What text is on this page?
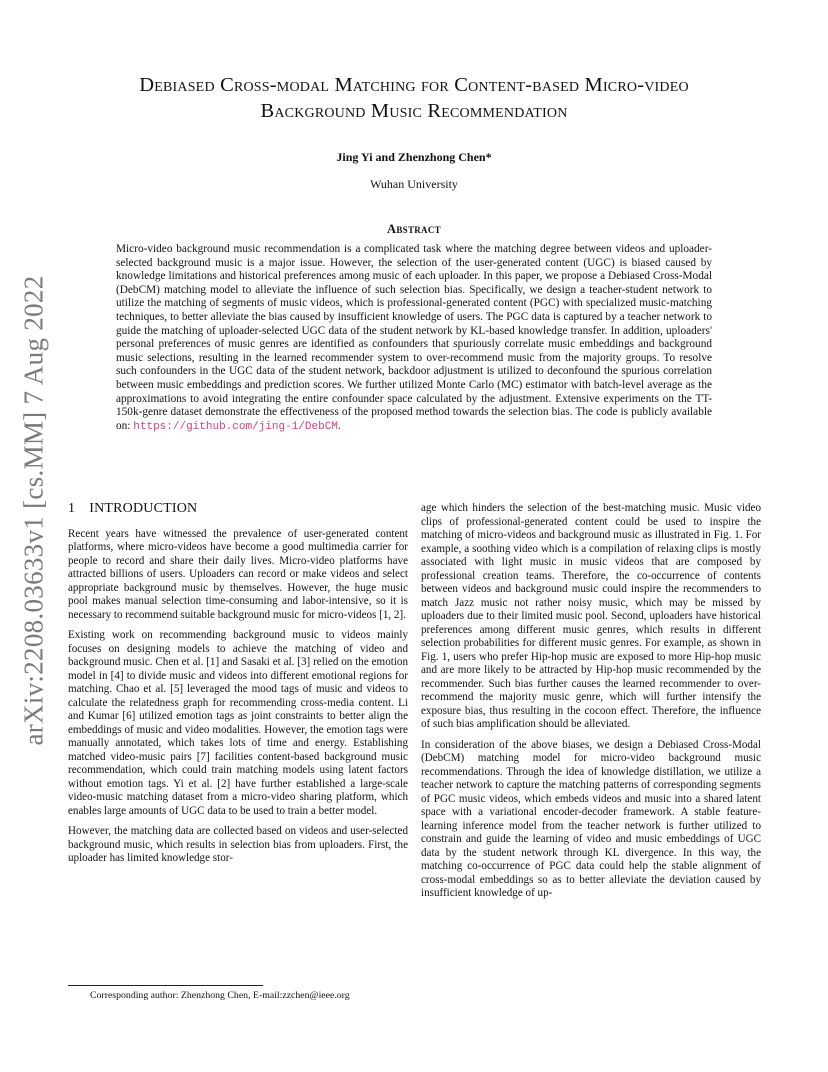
arXiv:2208.03633v1 [cs.MM] 7 Aug 2022
Debiased Cross-modal Matching for Content-based Micro-video
Background Music Recommendation
Jing Yi and Zhenzhong Chen*
Wuhan University
Abstract

Micro-video background music recommendation is a complicated task where the matching degree between videos and uploader-selected background music is a major issue. However, the selection of the user-generated content (UGC) is biased caused by knowledge limitations and historical preferences among music of each uploader. In this paper, we propose a Debiased Cross-Modal (DebCM) matching model to alleviate the influence of such selection bias. Specifically, we design a teacher-student network to utilize the matching of segments of music videos, which is professional-generated content (PGC) with specialized music-matching techniques, to better alleviate the bias caused by insufficient knowledge of users. The PGC data is captured by a teacher network to guide the matching of uploader-selected UGC data of the student network by KL-based knowledge transfer. In addition, uploaders' personal preferences of music genres are identified as confounders that spuriously correlate music embeddings and background music selections, resulting in the learned recommender system to over-recommend music from the majority groups. To resolve such confounders in the UGC data of the student network, backdoor adjustment is utilized to deconfound the spurious correlation between music embeddings and prediction scores. We further utilized Monte Carlo (MC) estimator with batch-level average as the approximations to avoid integrating the entire confounder space calculated by the adjustment. Extensive experiments on the TT-150k-genre dataset demonstrate the effectiveness of the proposed method towards the selection bias. The code is publicly available on: https://github.com/jing-1/DebCM.

1 INTRODUCTION

Recent years have witnessed the prevalence of user-generated content platforms, where micro-videos have become a good multimedia carrier for people to record and share their daily lives. Micro-video platforms have attracted billions of users. Uploaders can record or make videos and select appropriate background music by themselves. However, the huge music pool makes manual selection time-consuming and labor-intensive, so it is necessary to recommend suitable background music for micro-videos [1, 2].

Existing work on recommending background music to videos mainly focuses on designing models to achieve the matching of video and background music. Chen et al. [1] and Sasaki et al. [3] relied on the emotion model in [4] to divide music and videos into different emotional regions for matching. Chao et al. [5] leveraged the mood tags of music and videos to calculate the relatedness graph for recommending cross-media content. Li and Kumar [6] utilized emotion tags as joint constraints to better align the embeddings of music and video modalities. However, the emotion tags were manually annotated, which takes lots of time and energy. Establishing matched video-music pairs [7] facilities content-based background music recommendation, which could train matching models using latent factors without emotion tags. Yi et al. [2] have further established a large-scale video-music matching dataset from a micro-video sharing platform, which enables large amounts of UGC data to be used to train a better model.

However, the matching data are collected based on videos and user-selected background music, which results in selection bias from uploaders. First, the uploader has limited knowledge stor-

age which hinders the selection of the best-matching music. Music video clips of professional-generated content could be used to inspire the matching of micro-videos and background music as illustrated in Fig. 1. For example, a soothing video which is a compilation of relaxing clips is mostly associated with light music in music videos that are composed by professional creation teams. Therefore, the co-occurrence of contents between videos and background music could inspire the recommenders to match Jazz music not rather noisy music, which may be missed by uploaders due to their limited music pool. Second, uploaders have historical preferences among different music genres, which results in different selection probabilities for different music genres. For example, as shown in Fig. 1, users who prefer Hip-hop music are exposed to more Hip-hop music and are more likely to be attracted by Hip-hop music recommended by the recommender. Such bias further causes the learned recommender to over-recommend the majority music genre, which will further intensify the exposure bias, thus resulting in the cocoon effect. Therefore, the influence of such bias amplification should be alleviated.

In consideration of the above biases, we design a Debiased Cross-Modal (DebCM) matching model for micro-video background music recommendations. Through the idea of knowledge distillation, we utilize a teacher network to capture the matching patterns of corresponding segments of PGC music videos, which embeds videos and music into a shared latent space with a variational encoder-decoder framework. A stable feature-learning inference model from the teacher network is further utilized to constrain and guide the learning of video and music embeddings of UGC data by the student network through KL divergence. In this way, the matching co-occurrence of PGC data could help the stable alignment of cross-modal embeddings so as to better alleviate the deviation caused by insufficient knowledge of up-

Corresponding author: Zhenzhong Chen, E-mail:zzchen@ieee.org
